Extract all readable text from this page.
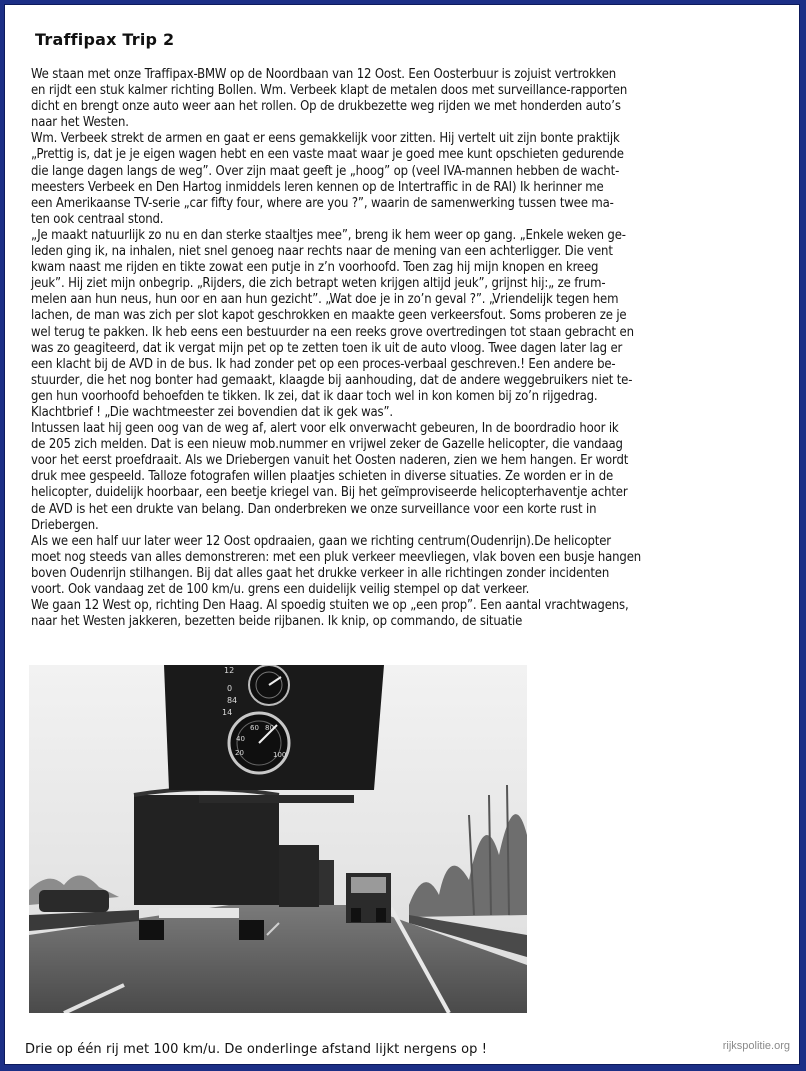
Traffipax Trip 2

We staan met onze Traffipax-BMW op de Noordbaan van 12 Oost. Een Oosterbuur is zojuist vertrokken
en rijdt een stuk kalmer richting Bollen. Wm. Verbeek klapt de metalen doos met surveillance-rapporten
dicht en brengt onze auto weer aan het rollen. Op de drukbezette weg rijden we met honderden auto’s
naar het Westen.

Wm. Verbeek strekt de armen en gaat er eens gemakkelijk voor zitten. Hij vertelt uit zijn bonte praktijk
„Prettig is, dat je je eigen wagen hebt en een vaste maat waar je goed mee kunt opschieten gedurende
die lange dagen langs de weg”. Over zijn maat geeft je „hoog” op (veel IVA-mannen hebben de wacht-
meesters Verbeek en Den Hartog inmiddels leren kennen op de Intertraffic in de RAI) Ik herinner me
een Amerikaanse TV-serie „car fifty four, where are you ?”, waarin de samenwerking tussen twee ma-
ten ook centraal stond.

„Je maakt natuurlijk zo nu en dan sterke staaltjes mee”, breng ik hem weer op gang. „Enkele weken ge-
leden ging ik, na inhalen, niet snel genoeg naar rechts naar de mening van een achterligger. Die vent
kwam naast me rijden en tikte zowat een putje in z’n voorhoofd. Toen zag hij mijn knopen en kreeg
jeuk”. Hij ziet mijn onbegrip. „Rijders, die zich betrapt weten krijgen altijd jeuk”, grijnst hij:„ ze frum-
melen aan hun neus, hun oor en aan hun gezicht”. „Wat doe je in zo’n geval ?”. „Vriendelijk tegen hem
lachen, de man was zich per slot kapot geschrokken en maakte geen verkeersfout. Soms proberen ze je
wel terug te pakken. Ik heb eens een bestuurder na een reeks grove overtredingen tot staan gebracht en
was zo geagiteerd, dat ik vergat mijn pet op te zetten toen ik uit de auto vloog. Twee dagen later lag er
een klacht bij de AVD in de bus. Ik had zonder pet op een proces-verbaal geschreven.! Een andere be-
stuurder, die het nog bonter had gemaakt, klaagde bij aanhouding, dat de andere weggebruikers niet te-
gen hun voorhoofd behoefden te tikken. Ik zei, dat ik daar toch wel in kon komen bij zo’n rijgedrag.
Klachtbrief ! „Die wachtmeester zei bovendien dat ik gek was”.

Intussen laat hij geen oog van de weg af, alert voor elk onverwacht gebeuren, In de boordradio hoor ik
de 205 zich melden. Dat is een nieuw mob.nummer en vrijwel zeker de Gazelle helicopter, die vandaag
voor het eerst proefdraait. Als we Driebergen vanuit het Oosten naderen, zien we hem hangen. Er wordt
druk mee gespeeld. Talloze fotografen willen plaatjes schieten in diverse situaties. Ze worden er in de
helicopter, duidelijk hoorbaar, een beetje kriegel van. Bij het geïmproviseerde helicopterhaventje achter
de AVD is het een drukte van belang. Dan onderbreken we onze surveillance voor een korte rust in
Driebergen.

Als we een half uur later weer 12 Oost opdraaien, gaan we richting centrum(Oudenrijn).De helicopter
moet nog steeds van alles demonstreren: met een pluk verkeer meevliegen, vlak boven een busje hangen
boven Oudenrijn stilhangen. Bij dat alles gaat het drukke verkeer in alle richtingen zonder incidenten
voort. Ook vandaag zet de 100 km/u. grens een duidelijk veilig stempel op dat verkeer.

We gaan 12 West op, richting Den Haag. Al spoedig stuiten we op „een prop”. Een aantal vrachtwagens,
naar het Westen jakkeren, bezetten beide rijbanen. Ik knip, op commando, de situatie

12
0
8 4
14
60 80
40
20	100
Drie op één rij met 100 km/u. De onderlinge afstand lijkt nergens op !	rijkspolitie.org
